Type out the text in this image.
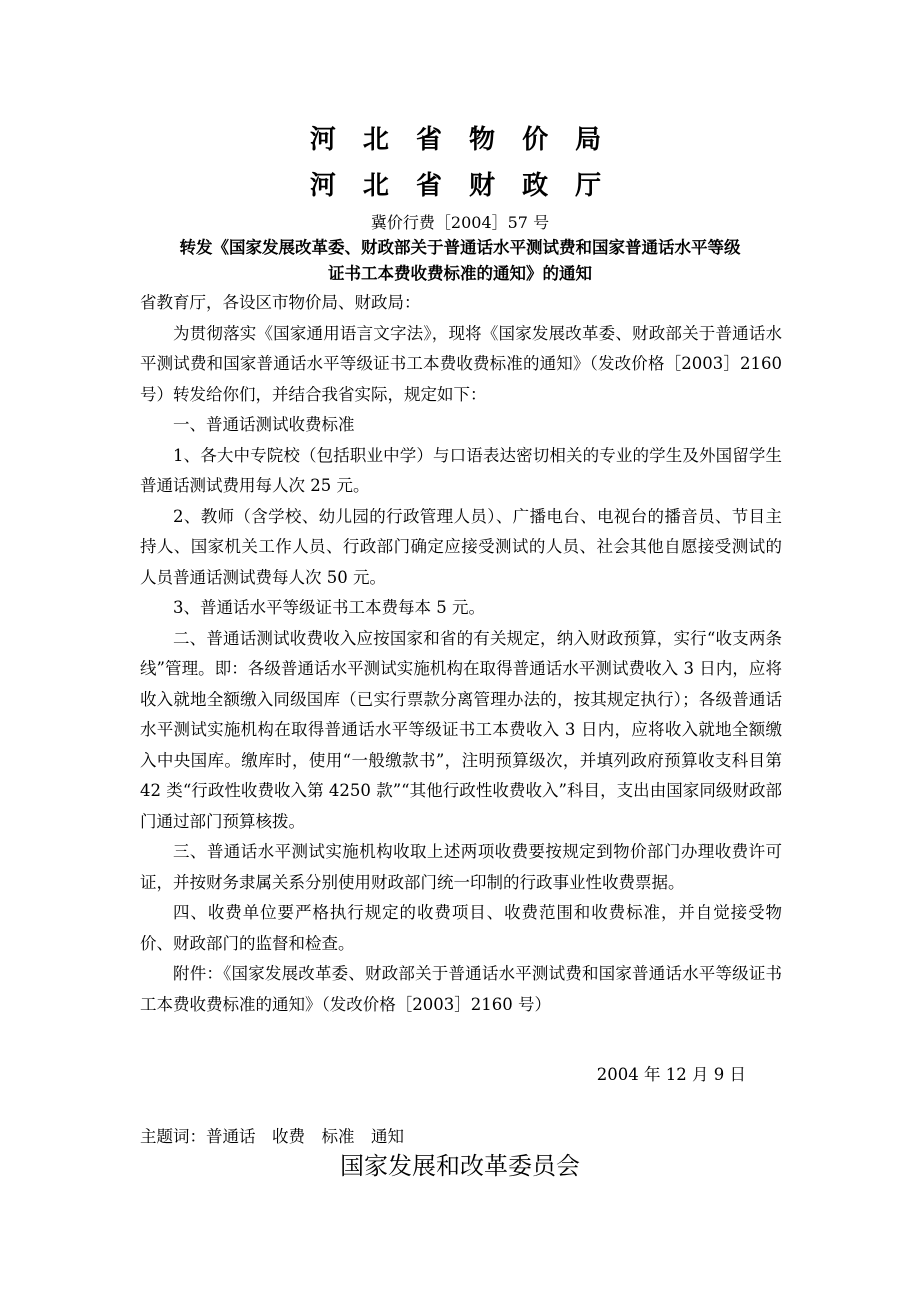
河 北 省 物 价 局
河 北 省 财 政 厅
冀价行费［2004］57 号
转发《国家发展改革委、财政部关于普通话水平测试费和国家普通话水平等级
证书工本费收费标准的通知》的通知

省教育厅，各设区市物价局、财政局：

为贯彻落实《国家通用语言文字法》，现将《国家发展改革委、财政部关于普通话水平测试费和国家普通话水平等级证书工本费收费标准的通知》（发改价格［2003］2160 号）转发给你们，并结合我省实际，规定如下：

一、普通话测试收费标准

1、各大中专院校（包括职业中学）与口语表达密切相关的专业的学生及外国留学生普通话测试费用每人次 25 元。

2、教师（含学校、幼儿园的行政管理人员）、广播电台、电视台的播音员、节目主持人、国家机关工作人员、行政部门确定应接受测试的人员、社会其他自愿接受测试的人员普通话测试费每人次 50 元。

3、普通话水平等级证书工本费每本 5 元。

二、普通话测试收费收入应按国家和省的有关规定，纳入财政预算，实行“收支两条线”管理。即：各级普通话水平测试实施机构在取得普通话水平测试费收入 3 日内，应将收入就地全额缴入同级国库（已实行票款分离管理办法的，按其规定执行）；各级普通话水平测试实施机构在取得普通话水平等级证书工本费收入 3 日内，应将收入就地全额缴入中央国库。缴库时，使用“一般缴款书”，注明预算级次，并填列政府预算收支科目第 42 类“行政性收费收入第 4250 款”“其他行政性收费收入”科目，支出由国家同级财政部门通过部门预算核拨。

三、普通话水平测试实施机构收取上述两项收费要按规定到物价部门办理收费许可证，并按财务隶属关系分别使用财政部门统一印制的行政事业性收费票据。

四、收费单位要严格执行规定的收费项目、收费范围和收费标准，并自觉接受物价、财政部门的监督和检查。

附件：《国家发展改革委、财政部关于普通话水平测试费和国家普通话水平等级证书工本费收费标准的通知》（发改价格［2003］2160 号）

2004 年 12 月 9 日
主题词：普通话　收费　标准　通知
国家发展和改革委员会
